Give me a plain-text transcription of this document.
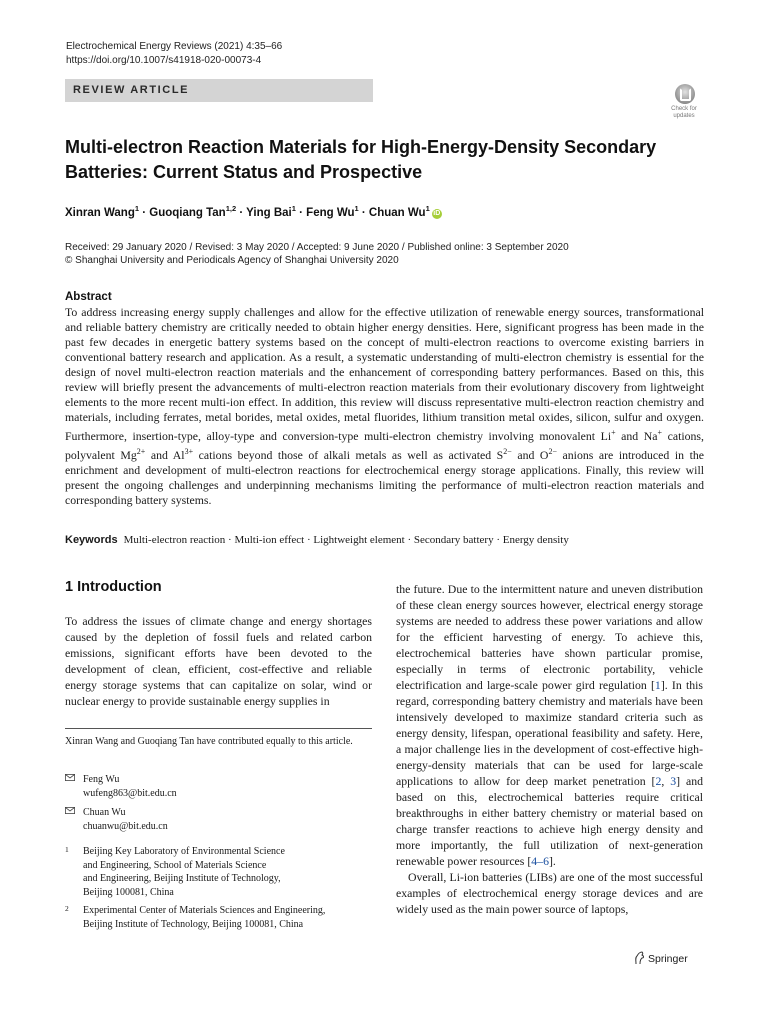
Electrochemical Energy Reviews (2021) 4:35–66
https://doi.org/10.1007/s41918-020-00073-4
REVIEW ARTICLE
Check for
updates
Multi-electron Reaction Materials for High-Energy-Density Secondary Batteries: Current Status and Prospective
Xinran Wang$^1$ · Guoqiang Tan$^{1,2}$ · Ying Bai$^1$ · Feng $Wu^1$ · Chuan Wu$^1$iD
Received: 29 January 2020 / Revised: 3 May 2020 / Accepted: 9 June 2020 / Published online: 3 September 2020
© Shanghai University and Periodicals Agency of Shanghai University 2020
Abstract
To address increasing energy supply challenges and allow for the effective utilization of renewable energy sources, transformational and reliable battery chemistry are critically needed to obtain higher energy densities. Here, significant progress has been made in the past few decades in energetic battery systems based on the concept of multi-electron reactions to overcome existing barriers in conventional battery research and application. As a result, a systematic understanding of multi-electron chemistry is essential for the design of novel multi-electron reaction materials and the enhancement of corresponding battery performances. Based on this, this review will briefly present the advancements of multi-electron reaction materials from their evolutionary discovery from lightweight elements to the more recent multi-ion effect. In addition, this review will discuss representative multi-electron reaction chemistry and materials, including ferrates, metal borides, metal oxides, metal fluorides, lithium transition metal oxides, silicon, sulfur and oxygen. Furthermore, insertion-type, alloy-type and conversion-type multi-electron chemistry involving monovalent Li+ and Na+ cations, polyvalent $Mg^{2+}$ and $Al^{3+}$ cations beyond those of alkali metals as well as activated $S^{2-}$ and $O^{2-}$ anions are introduced in the enrichment and development of multi-electron reactions for electrochemical energy storage applications. Finally, this review will present the ongoing challenges and underpinning mechanisms limiting the performance of multi-electron reaction materials and corresponding battery systems.
Keywords Multi-electron reaction · Multi-ion effect · Lightweight element · Secondary battery · Energy density
1 Introduction
To address the issues of climate change and energy shortages caused by the depletion of fossil fuels and related carbon emissions, significant efforts have been devoted to the development of clean, efficient, cost-effective and reliable energy storage systems that can capitalize on solar, wind or nuclear energy to provide sustainable energy supplies in
the future. Due to the intermittent nature and uneven distribution of these clean energy sources however, electrical energy storage systems are needed to address these power variations and allow for the efficient harvesting of energy. To achieve this, electrochemical batteries have shown particular promise, especially in terms of electronic portability, vehicle electrification and large-scale power gird regulation [1]. In this regard, corresponding battery chemistry and materials have been intensively developed to maximize standard criteria such as energy density, lifespan, operational feasibility and safety. Here, a major challenge lies in the development of cost-effective high-energy-density materials that can be used for large-scale applications to allow for deep market penetration [2, 3] and based on this, electrochemical batteries require critical breakthroughs in either battery chemistry or material based on charge transfer reactions to achieve high energy density and more importantly, the full utilization of next-generation renewable power resources [4–6].
Overall, Li-ion batteries (LIBs) are one of the most successful examples of electrochemical energy storage devices and are widely used as the main power source of laptops,
Xinran Wang and Guoqiang Tan have contributed equally to this article.
Feng Wu
wufeng863@bit.edu.cn
Chuan Wu
chuanwu@bit.edu.cn
1 Beijing Key Laboratory of Environmental Science
and Engineering, School of Materials Science
and Engineering, Beijing Institute of Technology,
Beijing 100081, China
2 Experimental Center of Materials Sciences and Engineering,
Beijing Institute of Technology, Beijing 100081, China
Springer
